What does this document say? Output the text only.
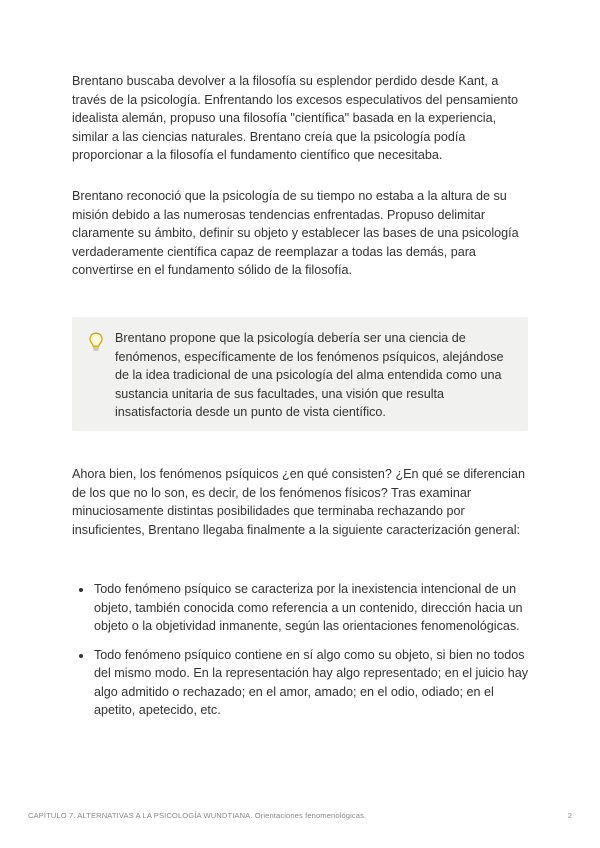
Brentano buscaba devolver a la filosofía su esplendor perdido desde Kant, a través de la psicología. Enfrentando los excesos especulativos del pensamiento idealista alemán, propuso una filosofía "científica" basada en la experiencia, similar a las ciencias naturales. Brentano creía que la psicología podía proporcionar a la filosofía el fundamento científico que necesitaba.

Brentano reconoció que la psicología de su tiempo no estaba a la altura de su misión debido a las numerosas tendencias enfrentadas. Propuso delimitar claramente su ámbito, definir su objeto y establecer las bases de una psicología verdaderamente científica capaz de reemplazar a todas las demás, para convertirse en el fundamento sólido de la filosofía.

Brentano propone que la psicología debería ser una ciencia de fenómenos, específicamente de los fenómenos psíquicos, alejándose de la idea tradicional de una psicología del alma entendida como una sustancia unitaria de sus facultades, una visión que resulta insatisfactoria desde un punto de vista científico.

Ahora bien, los fenómenos psíquicos ¿en qué consisten? ¿En qué se diferencian de los que no lo son, es decir, de los fenómenos físicos? Tras examinar minuciosamente distintas posibilidades que terminaba rechazando por insuficientes, Brentano llegaba finalmente a la siguiente caracterización general:

Todo fenómeno psíquico se caracteriza por la inexistencia intencional de un objeto, también conocida como referencia a un contenido, dirección hacia un objeto o la objetividad inmanente, según las orientaciones fenomenológicas.
Todo fenómeno psíquico contiene en sí algo como su objeto, si bien no todos del mismo modo. En la representación hay algo representado; en el juicio hay algo admitido o rechazado; en el amor, amado; en el odio, odiado; en el apetito, apetecido, etc.
CAPÍTULO 7. ALTERNATIVAS A LA PSICOLOGÍA WUNDTIANA. Orientaciones fenomenológicas.	2
